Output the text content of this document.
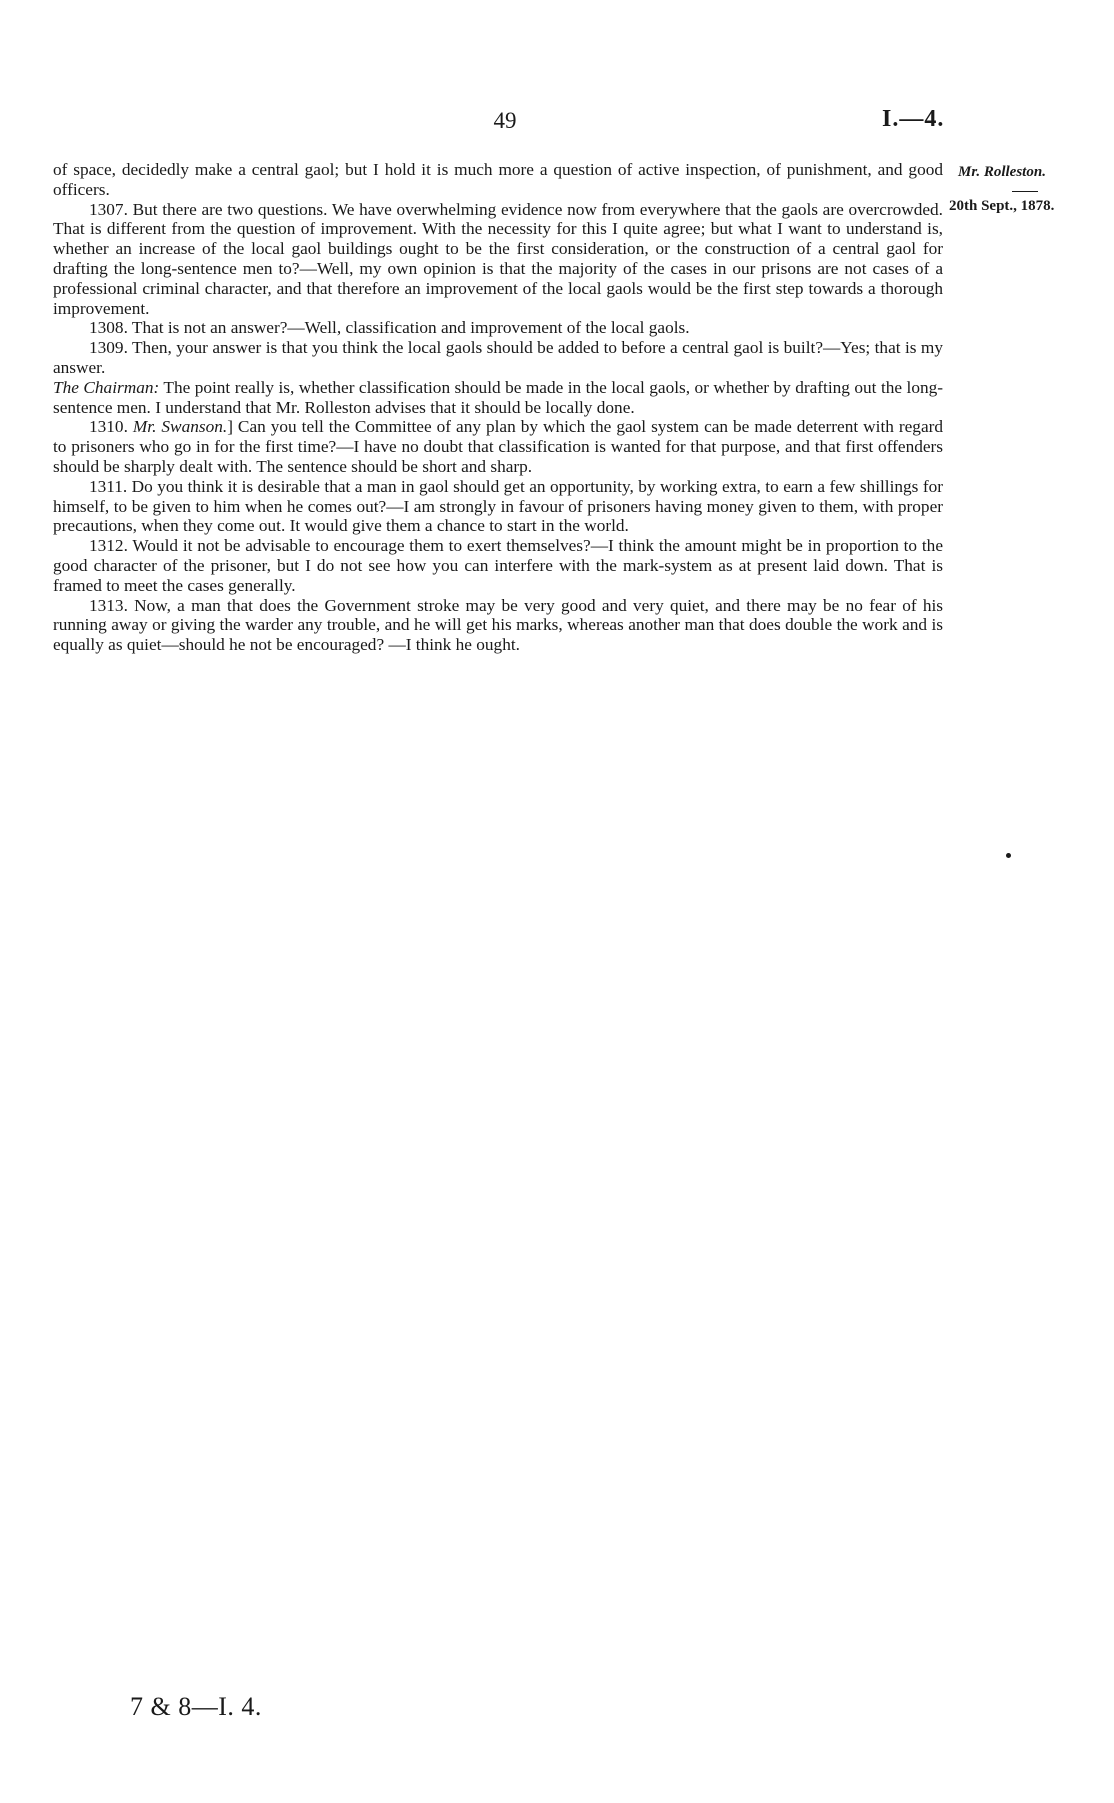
49	I.—4.
Mr. Rolleston.
20th Sept., 1878.

of space, decidedly make a central gaol; but I hold it is much more a question of active inspection, of punishment, and good officers.

1307. But there are two questions. We have overwhelming evidence now from everywhere that the gaols are overcrowded. That is different from the question of improvement. With the necessity for this I quite agree; but what I want to understand is, whether an increase of the local gaol buildings ought to be the first consideration, or the construction of a central gaol for drafting the long-sentence men to?—Well, my own opinion is that the majority of the cases in our prisons are not cases of a professional criminal character, and that therefore an improvement of the local gaols would be the first step towards a thorough improvement.

1308. That is not an answer?—Well, classification and improvement of the local gaols.

1309. Then, your answer is that you think the local gaols should be added to before a central gaol is built?—Yes; that is my answer.

The Chairman: The point really is, whether classification should be made in the local gaols, or whether by drafting out the long-sentence men. I understand that Mr. Rolleston advises that it should be locally done.

1310. Mr. Swanson.] Can you tell the Committee of any plan by which the gaol system can be made deterrent with regard to prisoners who go in for the first time?—I have no doubt that classification is wanted for that purpose, and that first offenders should be sharply dealt with. The sentence should be short and sharp.

1311. Do you think it is desirable that a man in gaol should get an opportunity, by working extra, to earn a few shillings for himself, to be given to him when he comes out?—I am strongly in favour of prisoners having money given to them, with proper precautions, when they come out. It would give them a chance to start in the world.

1312. Would it not be advisable to encourage them to exert themselves?—I think the amount might be in proportion to the good character of the prisoner, but I do not see how you can interfere with the mark-system as at present laid down. That is framed to meet the cases generally.

1313. Now, a man that does the Government stroke may be very good and very quiet, and there may be no fear of his running away or giving the warder any trouble, and he will get his marks, whereas another man that does double the work and is equally as quiet—should he not be encouraged? —I think he ought.

7 & 8—I. 4.
